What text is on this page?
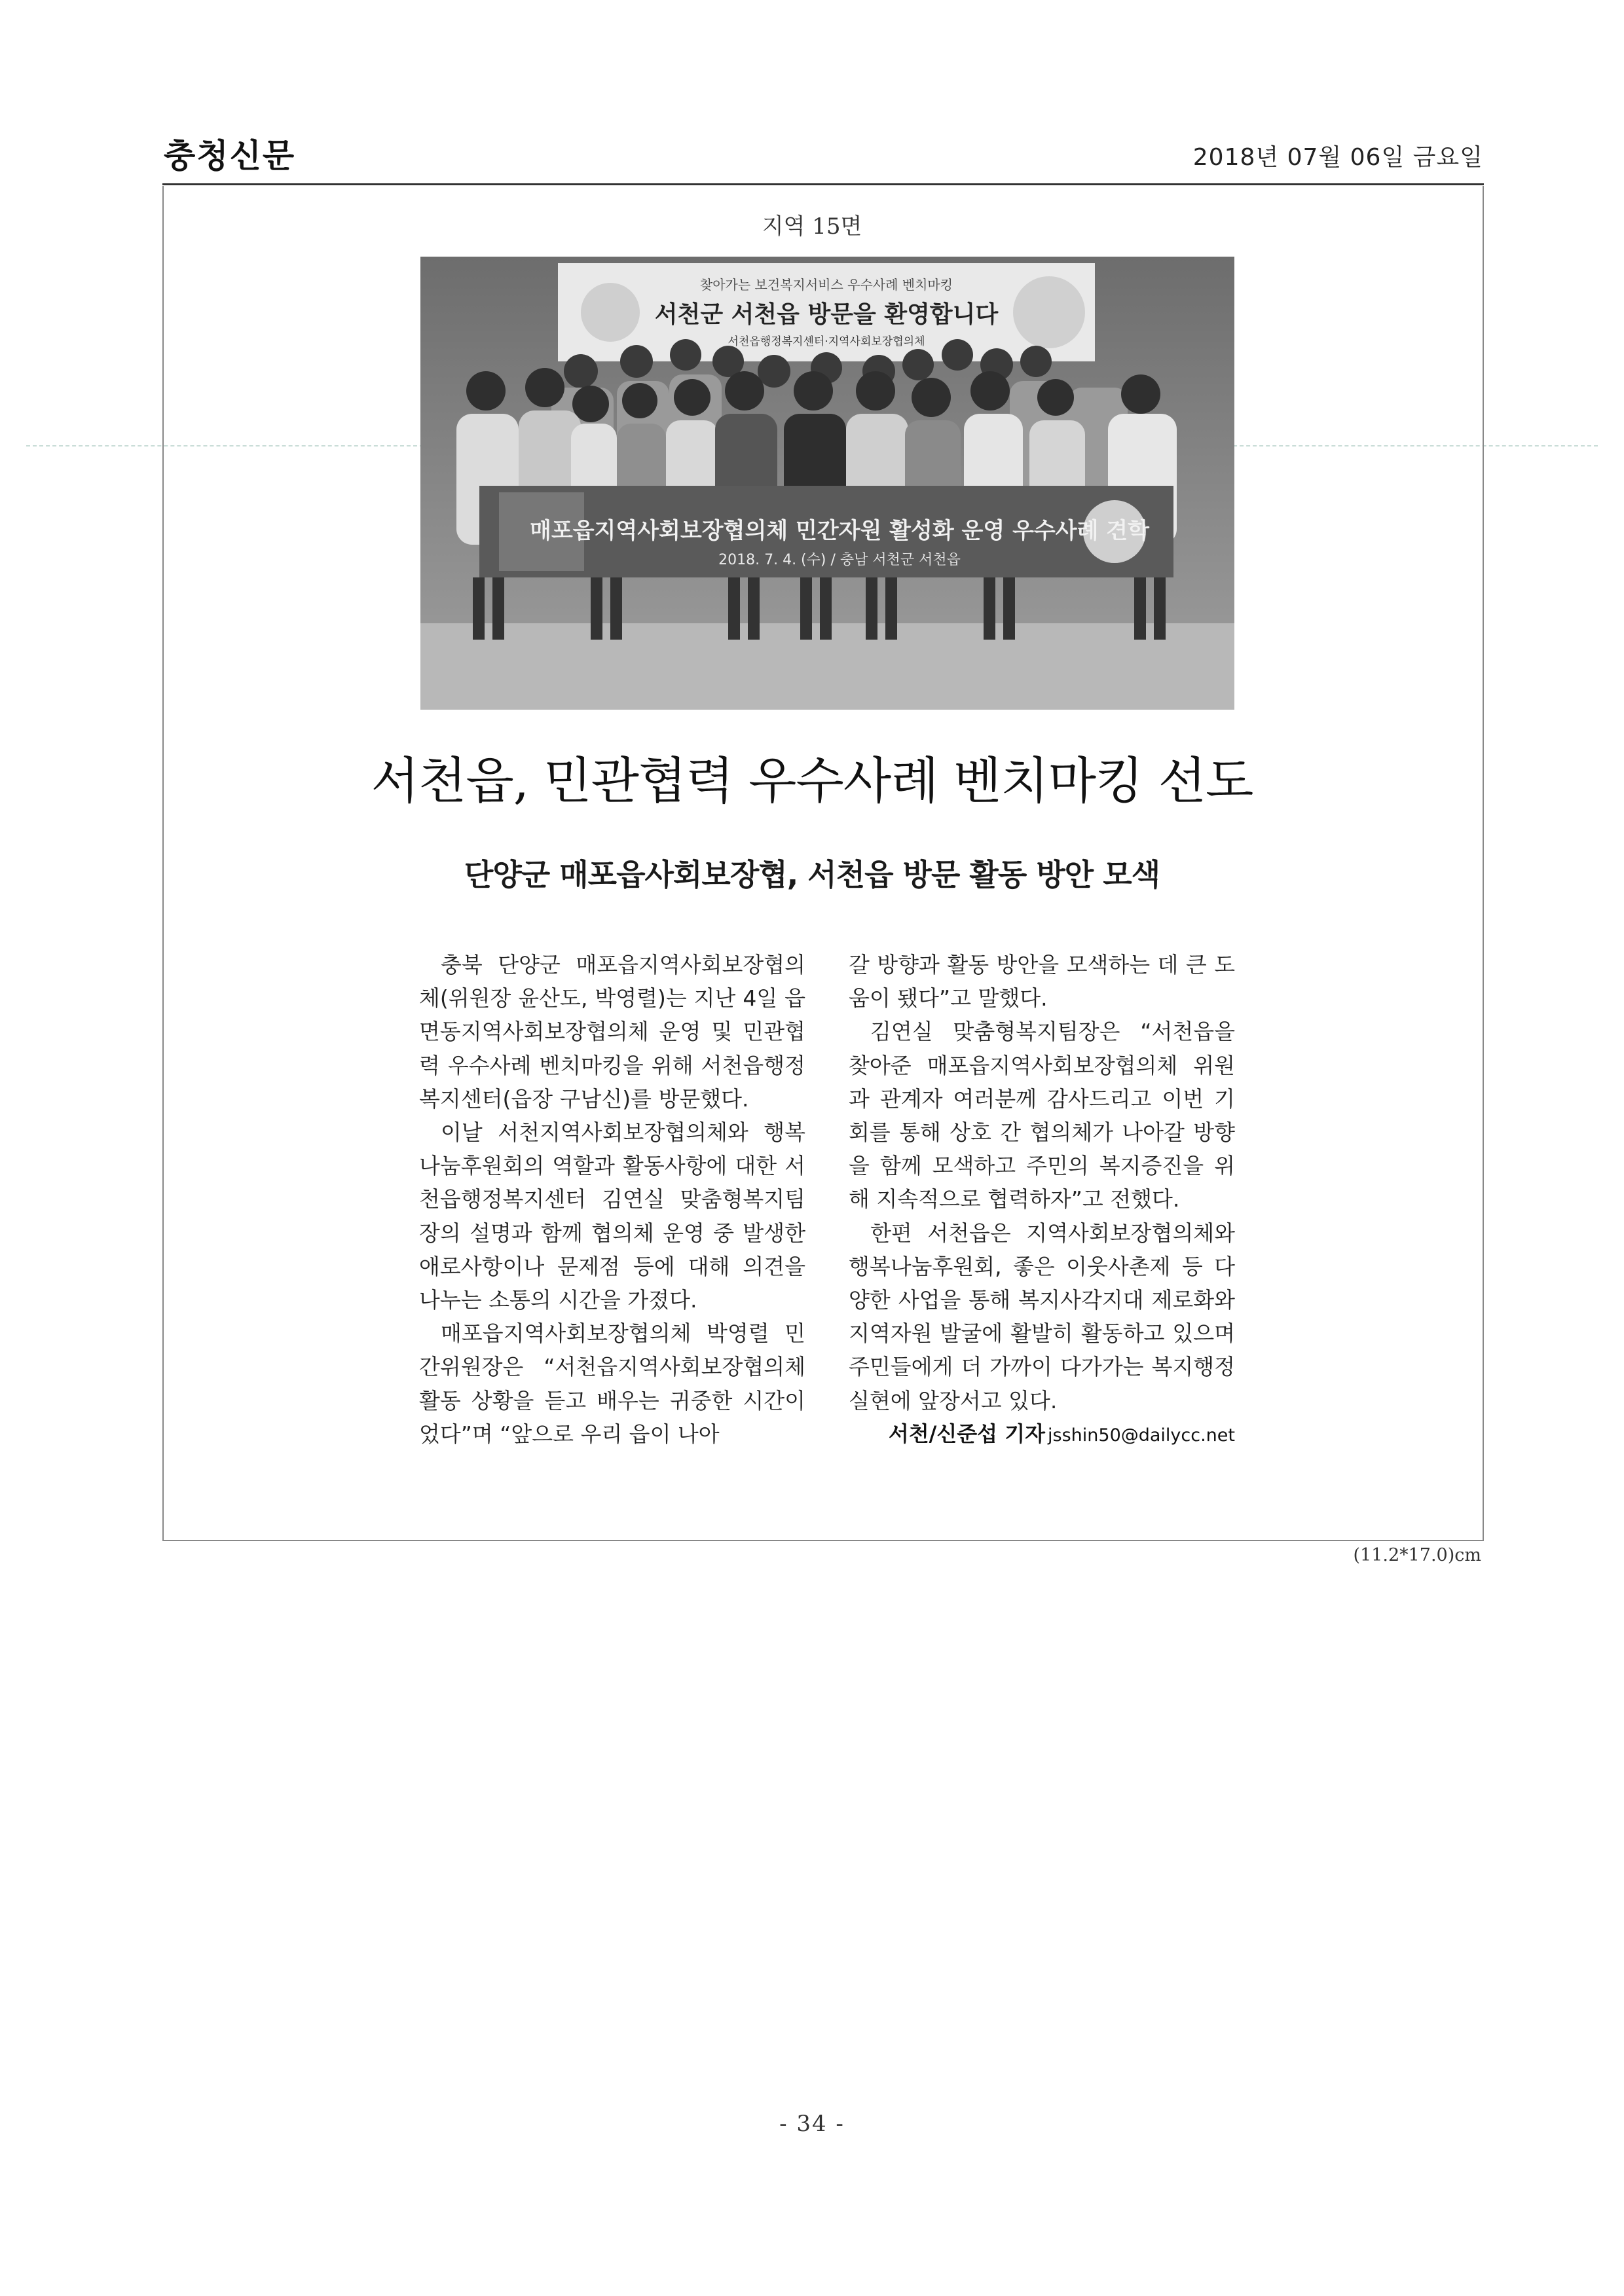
충청신문	2018년 07월 06일 금요일
지역 15면
찾아가는 보건복지서비스 우수사례 벤치마킹
서천군 서천읍 방문을 환영합니다
서천읍행정복지센터·지역사회보장협의체
매포읍지역사회보장협의체 민간자원 활성화 운영 우수사례 견학
2018. 7. 4. (수) / 충남 서천군 서천읍
서천읍, 민관협력 우수사례 벤치마킹 선도
단양군 매포읍사회보장협, 서천읍 방문 활동 방안 모색

충북 단양군 매포읍지역사회보장협의체(위원장 윤산도, 박영렬)는 지난 4일 읍면동지역사회보장협의체 운영 및 민관협력 우수사례 벤치마킹을 위해 서천읍행정복지센터(읍장 구남신)를 방문했다.

이날 서천지역사회보장협의체와 행복나눔후원회의 역할과 활동사항에 대한 서천읍행정복지센터 김연실 맞춤형복지팀장의 설명과 함께 협의체 운영 중 발생한 애로사항이나 문제점 등에 대해 의견을 나누는 소통의 시간을 가졌다.

매포읍지역사회보장협의체 박영렬 민간위원장은 “서천읍지역사회보장협의체 활동 상황을 듣고 배우는 귀중한 시간이었다”며 “앞으로 우리 읍이 나아

갈 방향과 활동 방안을 모색하는 데 큰 도움이 됐다”고 말했다.

김연실 맞춤형복지팀장은 “서천읍을 찾아준 매포읍지역사회보장협의체 위원과 관계자 여러분께 감사드리고 이번 기회를 통해 상호 간 협의체가 나아갈 방향을 함께 모색하고 주민의 복지증진을 위해 지속적으로 협력하자”고 전했다.

한편 서천읍은 지역사회보장협의체와 행복나눔후원회, 좋은 이웃사촌제 등 다양한 사업을 통해 복지사각지대 제로화와 지역자원 발굴에 활발히 활동하고 있으며 주민들에게 더 가까이 다가가는 복지행정 실현에 앞장서고 있다.

서천/신준섭 기자 jsshin50@dailycc.net
(11.2*17.0)cm
- 34 -
